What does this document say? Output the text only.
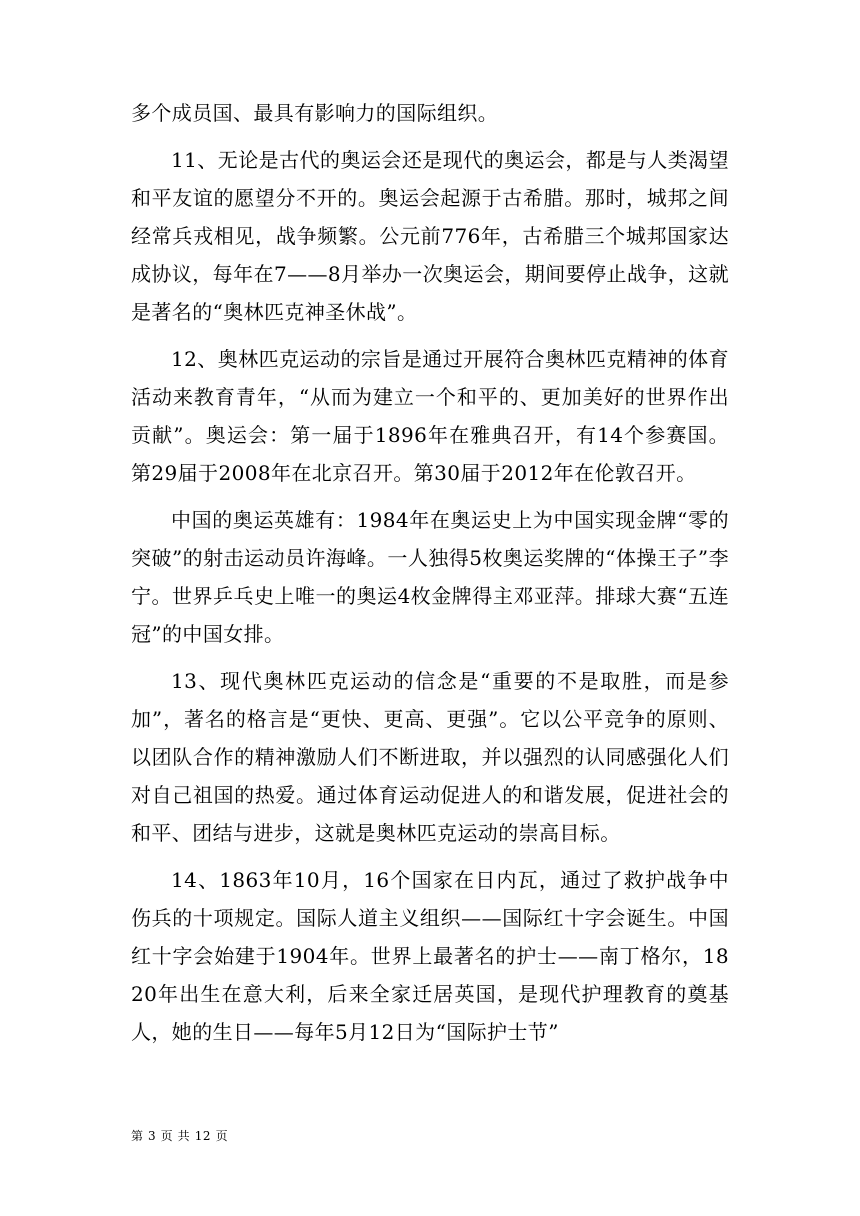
多个成员国、最具有影响力的国际组织。

11、无论是古代的奥运会还是现代的奥运会，都是与人类渴望和平友谊的愿望分不开的。奥运会起源于古希腊。那时，城邦之间经常兵戎相见，战争频繁。公元前776年，古希腊三个城邦国家达成协议，每年在7——8月举办一次奥运会，期间要停止战争，这就是著名的“奥林匹克神圣休战”。

12、奥林匹克运动的宗旨是通过开展符合奥林匹克精神的体育活动来教育青年，“从而为建立一个和平的、更加美好的世界作出贡献”。奥运会：第一届于1896年在雅典召开，有14个参赛国。第29届于2008年在北京召开。第30届于2012年在伦敦召开。

中国的奥运英雄有：1984年在奥运史上为中国实现金牌“零的突破”的射击运动员许海峰。一人独得5枚奥运奖牌的“体操王子”李宁。世界乒乓史上唯一的奥运4枚金牌得主邓亚萍。排球大赛“五连冠”的中国女排。

13、现代奥林匹克运动的信念是“重要的不是取胜，而是参加”，著名的格言是“更快、更高、更强”。它以公平竞争的原则、以团队合作的精神激励人们不断进取，并以强烈的认同感强化人们对自己祖国的热爱。通过体育运动促进人的和谐发展，促进社会的和平、团结与进步，这就是奥林匹克运动的崇高目标。

14、1863年10月，16个国家在日内瓦，通过了救护战争中伤兵的十项规定。国际人道主义组织——国际红十字会诞生。中国红十字会始建于1904年。世界上最著名的护士——南丁格尔，1820年出生在意大利，后来全家迁居英国，是现代护理教育的奠基人，她的生日——每年5月12日为“国际护士节”

第 3 页 共 12 页
